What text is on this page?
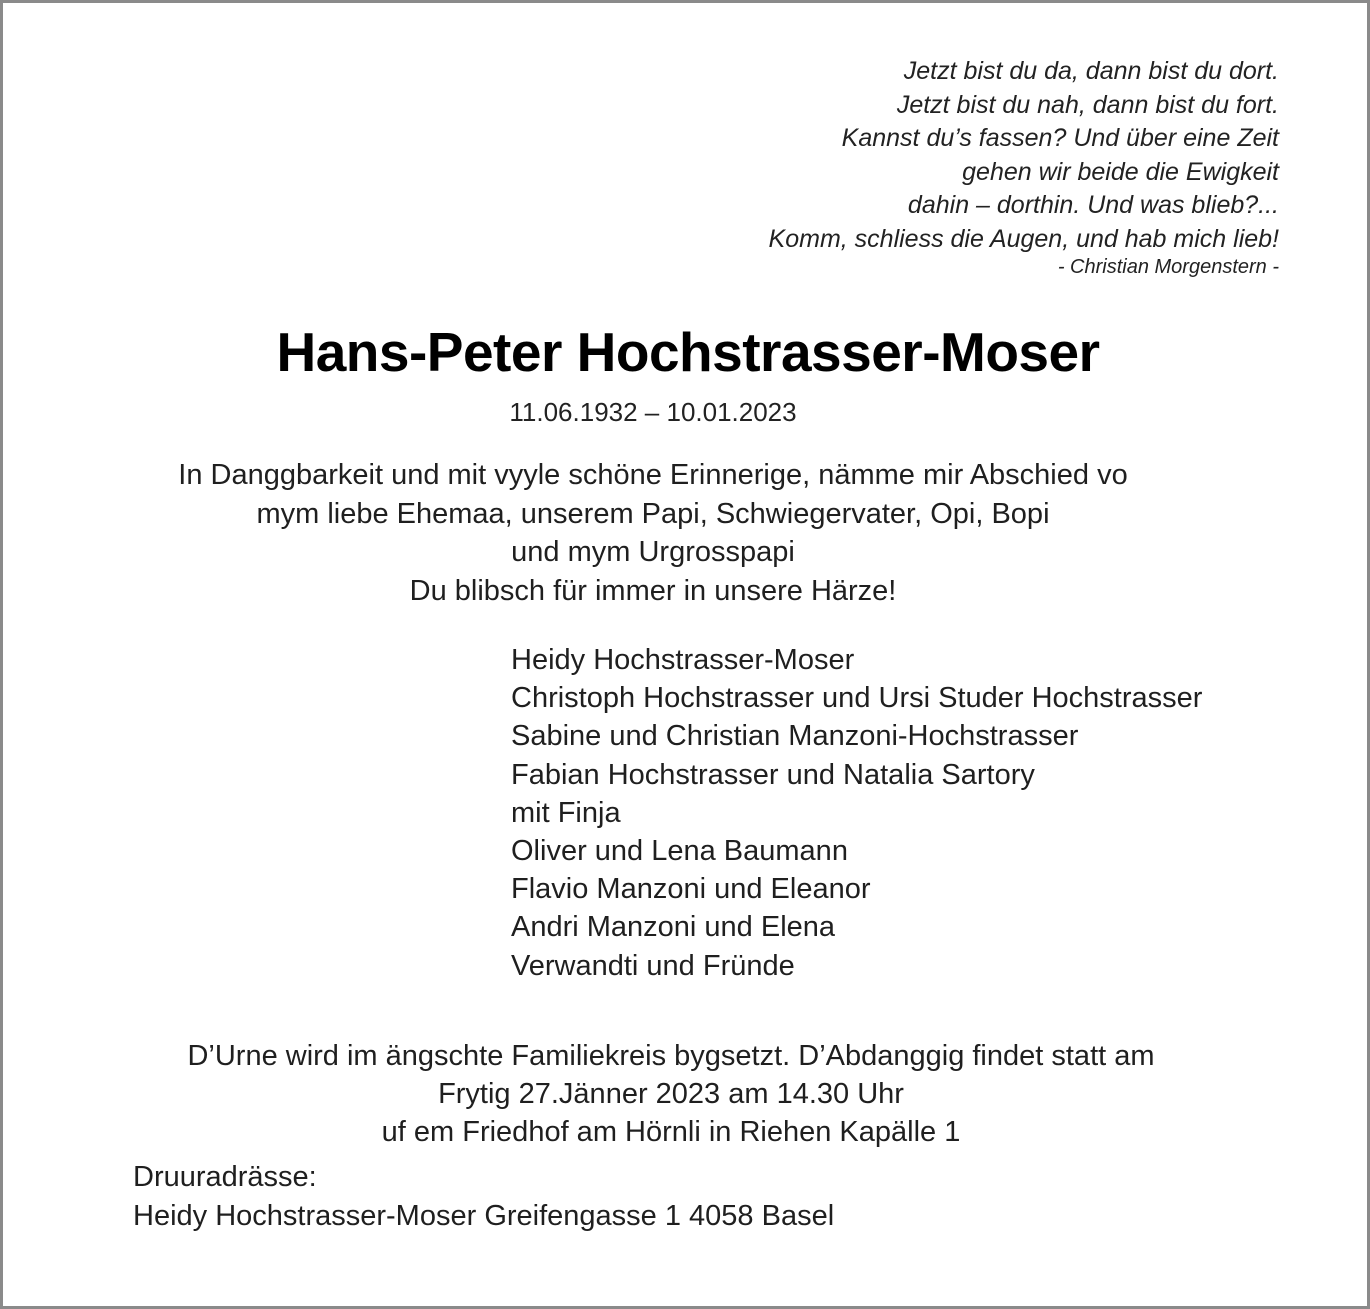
Jetzt bist du da, dann bist du dort.
Jetzt bist du nah, dann bist du fort.
Kannst du’s fassen? Und über eine Zeit
gehen wir beide die Ewigkeit
dahin – dorthin. Und was blieb?...
Komm, schliess die Augen, und hab mich lieb!
- Christian Morgenstern -
Hans-Peter Hochstrasser-Moser
11.06.1932 – 10.01.2023
In Danggbarkeit und mit vyyle schöne Erinnerige, nämme mir Abschied vo
mym liebe Ehemaa, unserem Papi, Schwiegervater, Opi, Bopi
und mym Urgrosspapi
Du blibsch für immer in unsere Härze!
Heidy Hochstrasser-Moser
Christoph Hochstrasser und Ursi Studer Hochstrasser
Sabine und Christian Manzoni-Hochstrasser
Fabian Hochstrasser und Natalia Sartory
mit Finja
Oliver und Lena Baumann
Flavio Manzoni und Eleanor
Andri Manzoni und Elena
Verwandti und Fründe
D’Urne wird im ängschte Familiekreis bygsetzt. D’Abdanggig findet statt am
Frytig 27.Jänner 2023 am 14.30 Uhr
uf em Friedhof am Hörnli in Riehen Kapälle 1
Druuradrässe:
Heidy Hochstrasser-Moser Greifengasse 1 4058 Basel
